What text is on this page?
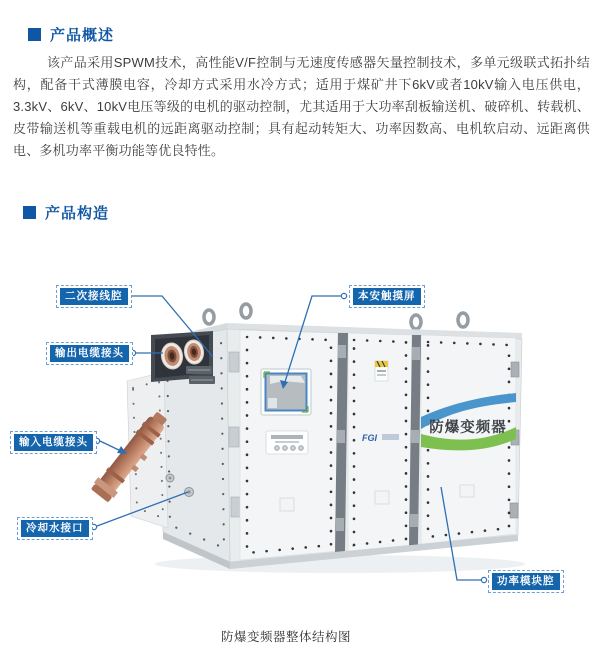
产品概述
该产品采用SPWM技术，高性能V/F控制与无速度传感器矢量控制技术，多单元级联式拓扑结构，配备干式薄膜电容，冷却方式采用水冷方式；适用于煤矿井下6kV或者10kV输入电压供电，3.3kV、6kV、10kV电压等级的电机的驱动控制，尤其适用于大功率刮板输送机、破碎机、转载机、皮带输送机等重载电机的远距离驱动控制；具有起动转矩大、功率因数高、电机软启动、远距离供电、多机功率平衡功能等优良特性。
产品构造
FGI
防爆变频器
二次接线腔
输出电缆接头
本安触摸屏
输入电缆接头
冷却水接口
功率模块腔
防爆变频器整体结构图
